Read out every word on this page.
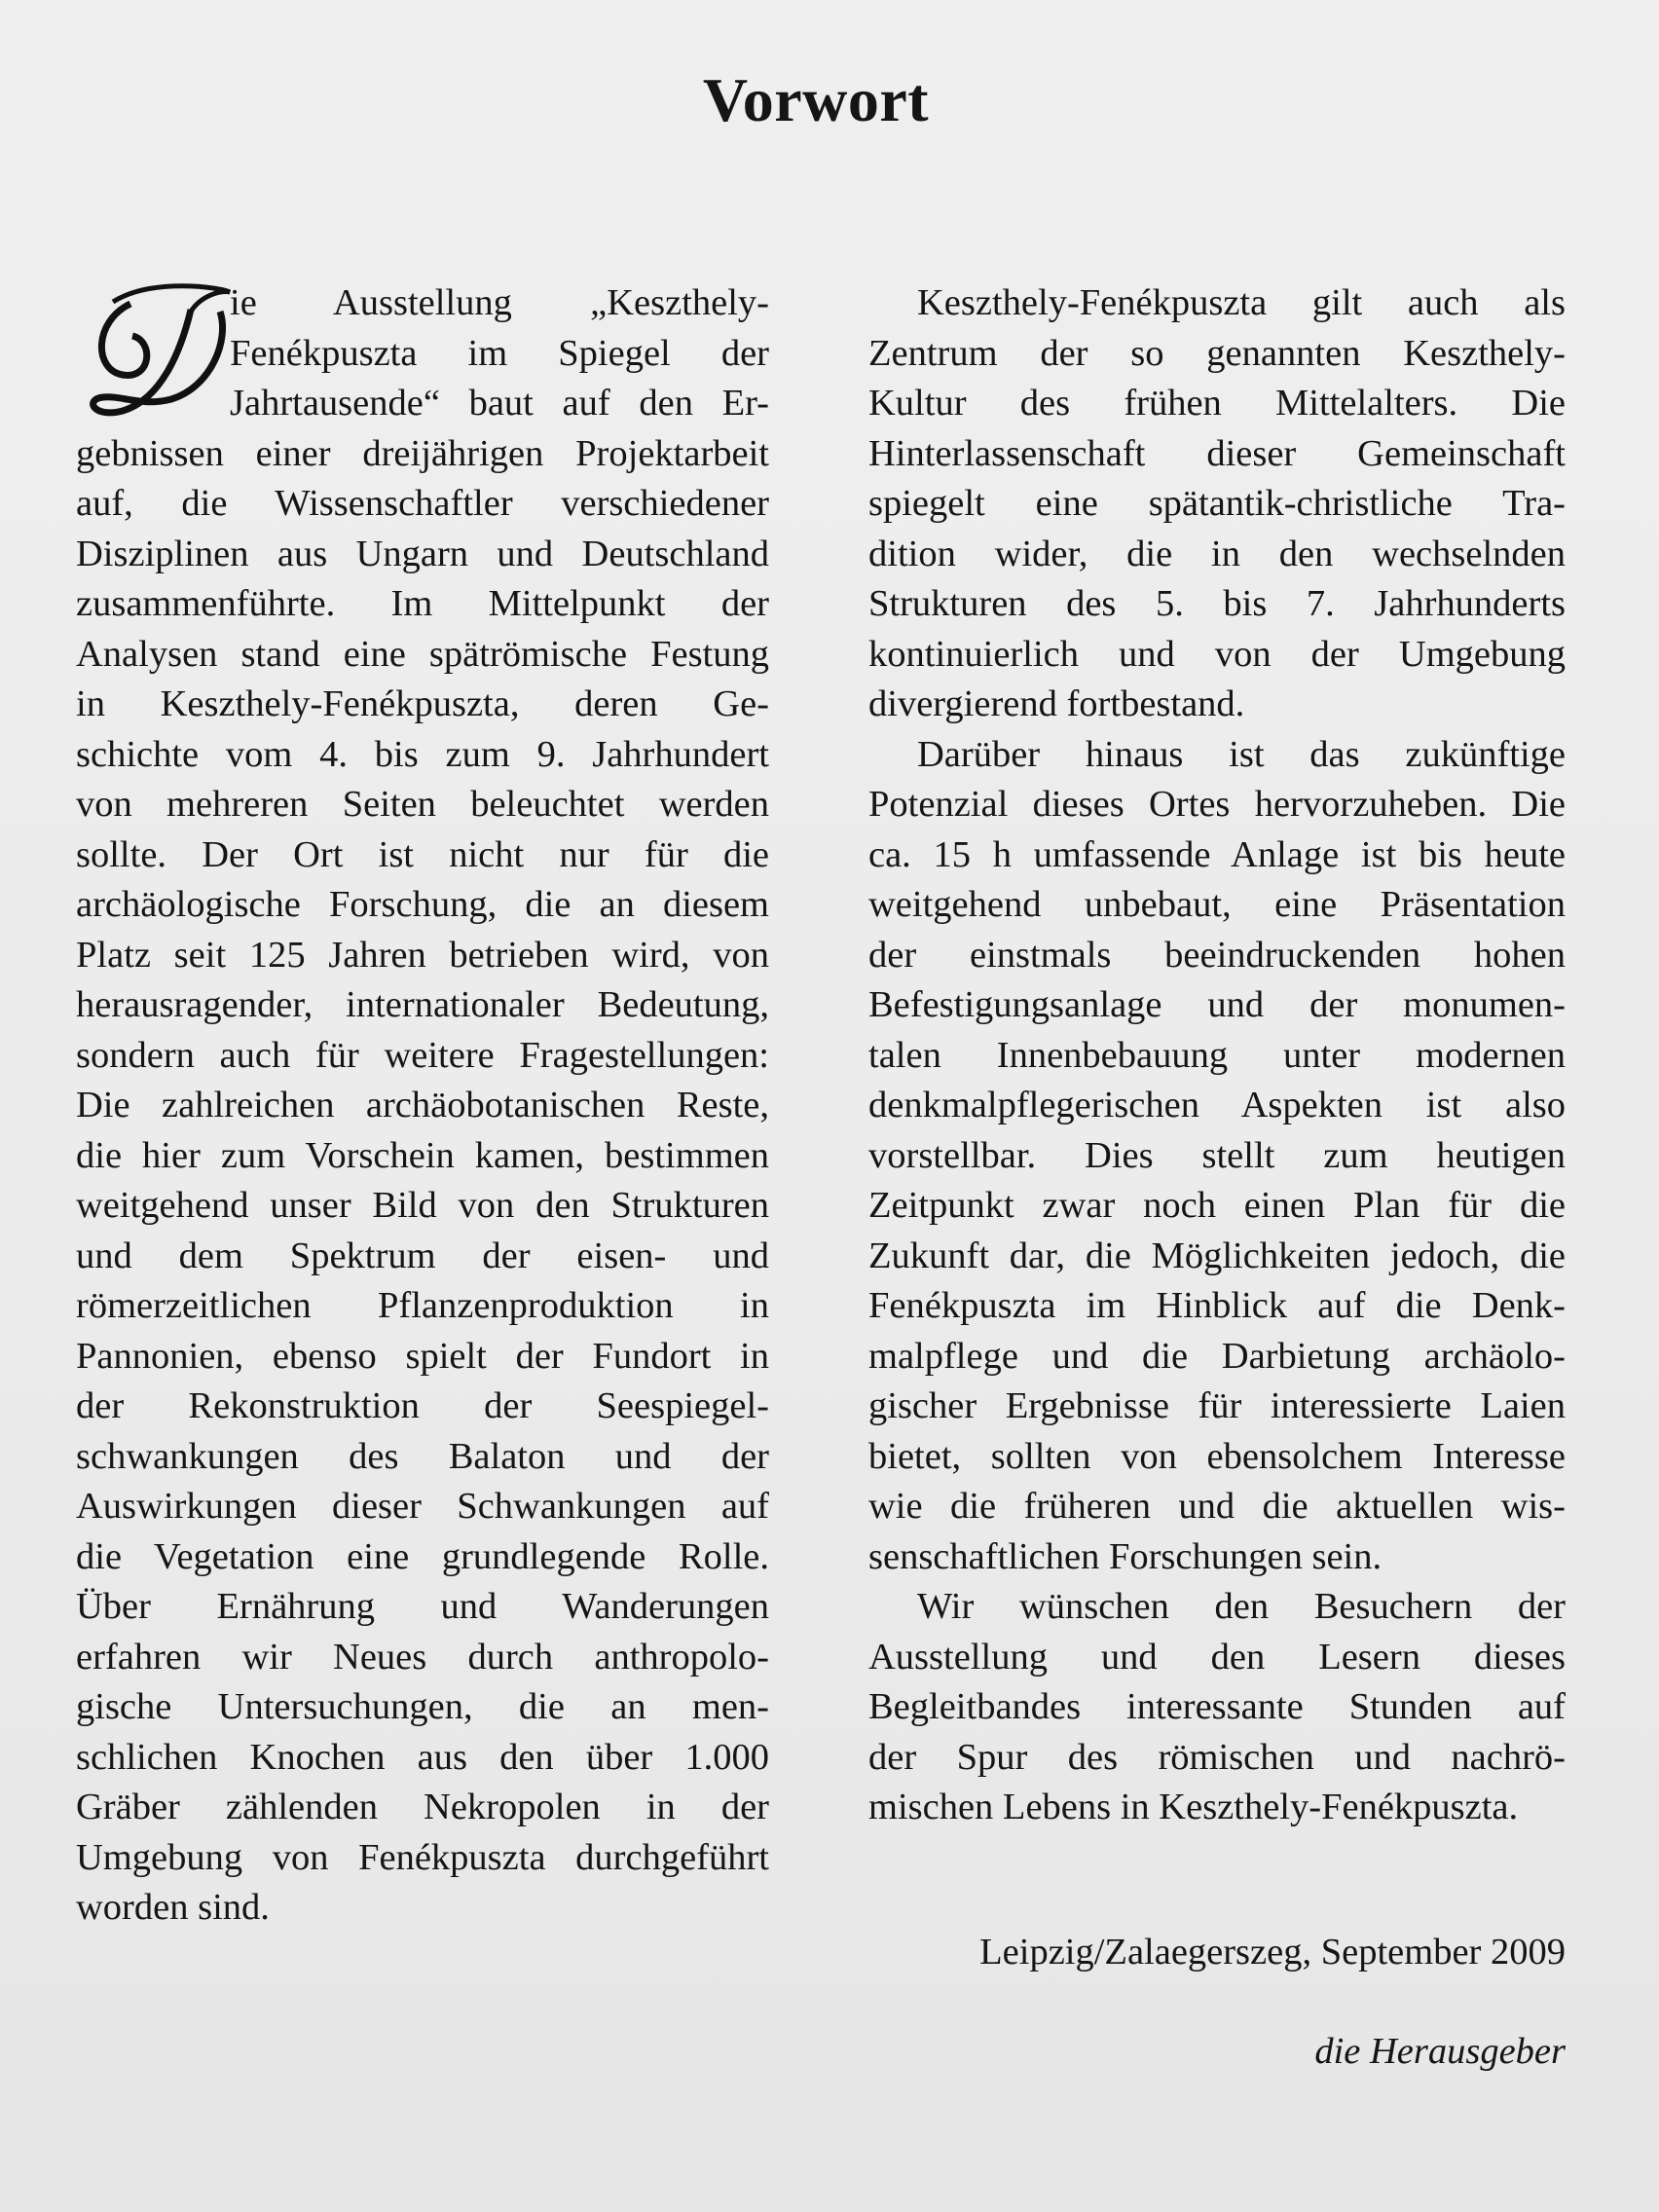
Vorwort
ie Ausstellung „Keszthely-
Fenékpuszta im Spiegel der
Jahrtausende“ baut auf den Er-
gebnissen einer dreijährigen Projektarbeit
auf, die Wissenschaftler verschiedener
Disziplinen aus Ungarn und Deutschland
zusammenführte. Im Mittelpunkt der
Analysen stand eine spätrömische Festung
in Keszthely-Fenékpuszta, deren Ge-
schichte vom 4. bis zum 9. Jahrhundert
von mehreren Seiten beleuchtet werden
sollte. Der Ort ist nicht nur für die
archäologische Forschung, die an diesem
Platz seit 125 Jahren betrieben wird, von
herausragender, internationaler Bedeutung,
sondern auch für weitere Fragestellungen:
Die zahlreichen archäobotanischen Reste,
die hier zum Vorschein kamen, bestimmen
weitgehend unser Bild von den Strukturen
und dem Spektrum der eisen- und
römerzeitlichen Pflanzenproduktion in
Pannonien, ebenso spielt der Fundort in
der Rekonstruktion der Seespiegel-
schwankungen des Balaton und der
Auswirkungen dieser Schwankungen auf
die Vegetation eine grundlegende Rolle.
Über Ernährung und Wanderungen
erfahren wir Neues durch anthropolo-
gische Untersuchungen, die an men-
schlichen Knochen aus den über 1.000
Gräber zählenden Nekropolen in der
Umgebung von Fenékpuszta durchgeführt
worden sind.
Keszthely-Fenékpuszta gilt auch als
Zentrum der so genannten Keszthely-
Kultur des frühen Mittelalters. Die
Hinterlassenschaft dieser Gemeinschaft
spiegelt eine spätantik-christliche Tra-
dition wider, die in den wechselnden
Strukturen des 5. bis 7. Jahrhunderts
kontinuierlich und von der Umgebung
divergierend fortbestand.
Darüber hinaus ist das zukünftige
Potenzial dieses Ortes hervorzuheben. Die
ca. 15 h umfassende Anlage ist bis heute
weitgehend unbebaut, eine Präsentation
der einstmals beeindruckenden hohen
Befestigungsanlage und der monumen-
talen Innenbebauung unter modernen
denkmalpflegerischen Aspekten ist also
vorstellbar. Dies stellt zum heutigen
Zeitpunkt zwar noch einen Plan für die
Zukunft dar, die Möglichkeiten jedoch, die
Fenékpuszta im Hinblick auf die Denk-
malpflege und die Darbietung archäolo-
gischer Ergebnisse für interessierte Laien
bietet, sollten von ebensolchem Interesse
wie die früheren und die aktuellen wis-
senschaftlichen Forschungen sein.
Wir wünschen den Besuchern der
Ausstellung und den Lesern dieses
Begleitbandes interessante Stunden auf
der Spur des römischen und nachrö-
mischen Lebens in Keszthely-Fenékpuszta.
Leipzig/Zalaegerszeg, September 2009
die Herausgeber
